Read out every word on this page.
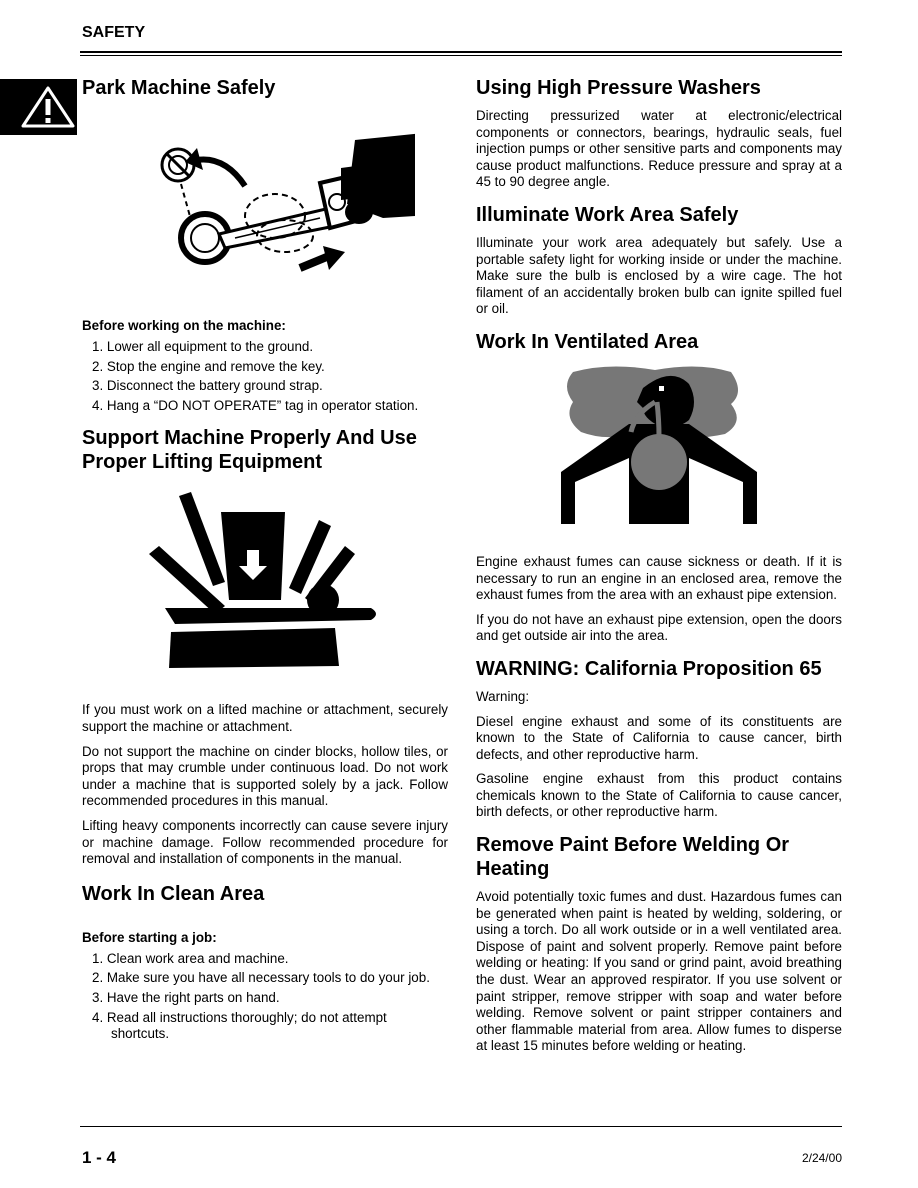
SAFETY
Park Machine Safely
Before working on the machine:
1. Lower all equipment to the ground.
2. Stop the engine and remove the key.
3. Disconnect the battery ground strap.
4. Hang a “DO NOT OPERATE” tag in operator station.
Support Machine Properly And Use Proper Lifting Equipment

If you must work on a lifted machine or attachment, securely support the machine or attachment.

Do not support the machine on cinder blocks, hollow tiles, or props that may crumble under continuous load. Do not work under a machine that is supported solely by a jack. Follow recommended procedures in this manual.

Lifting heavy components incorrectly can cause severe injury or machine damage. Follow recommended procedure for removal and installation of components in the manual.

Work In Clean Area
Before starting a job:
1. Clean work area and machine.
2. Make sure you have all necessary tools to do your job.
3. Have the right parts on hand.
4. Read all instructions thoroughly; do not attempt shortcuts.
Using High Pressure Washers

Directing pressurized water at electronic/electrical components or connectors, bearings, hydraulic seals, fuel injection pumps or other sensitive parts and components may cause product malfunctions. Reduce pressure and spray at a 45 to 90 degree angle.

Illuminate Work Area Safely

Illuminate your work area adequately but safely. Use a portable safety light for working inside or under the machine. Make sure the bulb is enclosed by a wire cage. The hot filament of an accidentally broken bulb can ignite spilled fuel or oil.

Work In Ventilated Area

Engine exhaust fumes can cause sickness or death. If it is necessary to run an engine in an enclosed area, remove the exhaust fumes from the area with an exhaust pipe extension.

If you do not have an exhaust pipe extension, open the doors and get outside air into the area.

WARNING: California Proposition 65

Warning:

Diesel engine exhaust and some of its constituents are known to the State of California to cause cancer, birth defects, and other reproductive harm.

Gasoline engine exhaust from this product contains chemicals known to the State of California to cause cancer, birth defects, or other reproductive harm.

Remove Paint Before Welding Or Heating

Avoid potentially toxic fumes and dust. Hazardous fumes can be generated when paint is heated by welding, soldering, or using a torch. Do all work outside or in a well ventilated area. Dispose of paint and solvent properly. Remove paint before welding or heating: If you sand or grind paint, avoid breathing the dust. Wear an approved respirator. If you use solvent or paint stripper, remove stripper with soap and water before welding. Remove solvent or paint stripper containers and other flammable material from area. Allow fumes to disperse at least 15 minutes before welding or heating.

1 - 4	2/24/00
